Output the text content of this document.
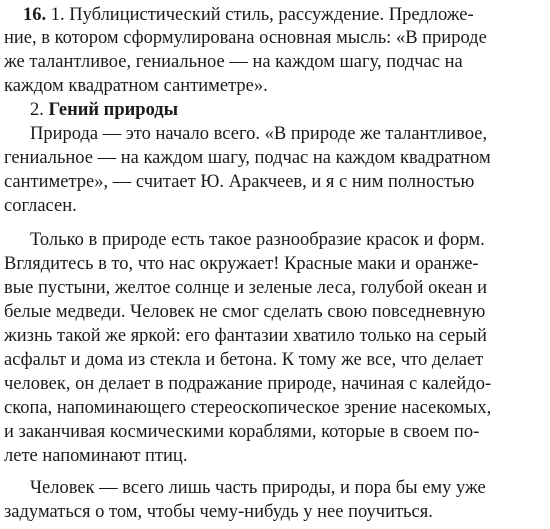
16. 1. Публицистический стиль, рассуждение. Предложе-
ние, в котором сформулирована основная мысль: «В природе
же талантливое, гениальное — на каждом шагу, подчас на
каждом квадратном сантиметре».
2. Гений природы
Природа — это начало всего. «В природе же талантливое,
гениальное — на каждом шагу, подчас на каждом квадратном
сантиметре», — считает Ю. Аракчеев, и я с ним полностью
согласен.
Только в природе есть такое разнообразие красок и форм.
Вглядитесь в то, что нас окружает! Красные маки и оранже-
вые пустыни, желтое солнце и зеленые леса, голубой океан и
белые медведи. Человек не смог сделать свою повседневную
жизнь такой же яркой: его фантазии хватило только на серый
асфальт и дома из стекла и бетона. К тому же все, что делает
человек, он делает в подражание природе, начиная с калейдо-
скопа, напоминающего стереоскопическое зрение насекомых,
и заканчивая космическими кораблями, которые в своем по-
лете напоминают птиц.
Человек — всего лишь часть природы, и пора бы ему уже
задуматься о том, чтобы чему-нибудь у нее поучиться.
